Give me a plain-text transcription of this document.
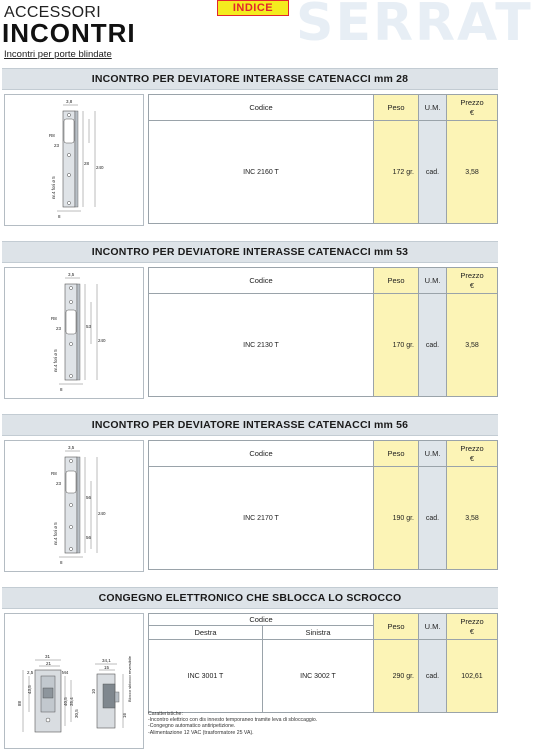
SERRAT
ACCESSORI
INCONTRI
INDICE
Incontri per porte blindate
INCONTRO PER DEVIATORE INTERASSE CATENACCI mm 28
3,8
R8
23
28
240
8
nr.4 fori ø 5
Codice	Peso	U.M.
Prezzo
€
INC 2160 T	172 gr.	cad.	3,58
INCONTRO PER DEVIATORE INTERASSE CATENACCI mm 53
3,5
R8
23	53
240
8
nr.4 fori ø 5
Codice	Peso	U.M.
Prezzo
€
INC 2130 T	170 gr.	cad.	3,58
INCONTRO PER DEVIATORE INTERASSE CATENACCI mm 56
3,5
R8
23
56
56
240
8
nr.4 fori ø 5
Codice	Peso	U.M.
Prezzo
€
INC 2170 T	190 gr.	cad.	3,58
CONGEGNO ELETTRONICO CHE SBLOCCA LO SCROCCO
31
21
2,5	M4
43,5
88	40,5 35,4
30,5
34,1
15
10
16
Blocco sblocco reversibile
Codice
Destra	Sinistra
Peso	U.M.
Prezzo
€
INC 3001 T	INC 3002 T	290 gr.	cad.	102,61
Caratteristiche:
-Incontro elettrico con dis innesto temporaneo tramite leva di sbloccaggio.
-Congegno automatico antiripetizione.
-Alimentazione 12 VAC (trasformatore 25 VA).
